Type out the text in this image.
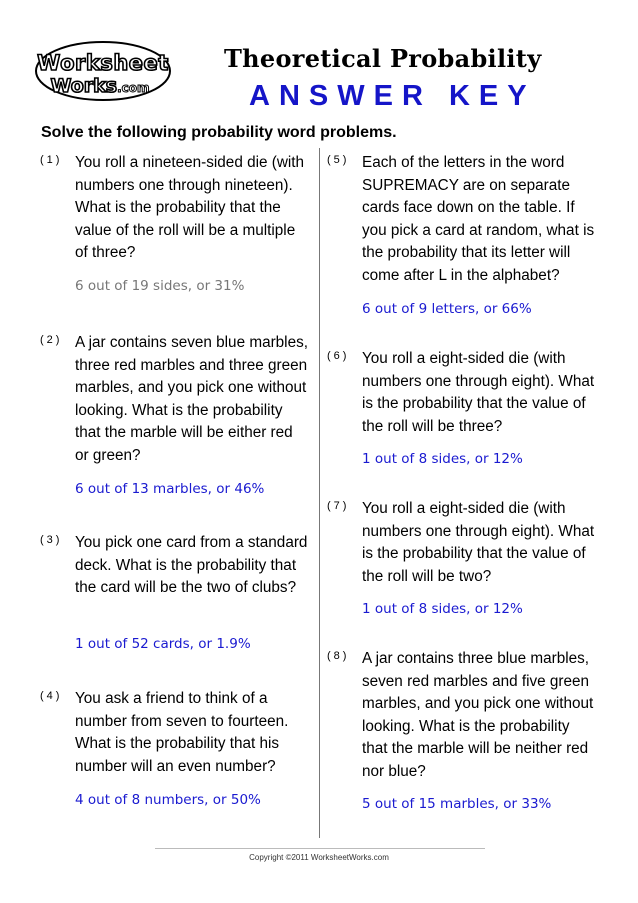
Worksheet
Works.com
Theoretical Probability
ANSWER KEY
Solve the following probability word problems.
(1) You roll a nineteen-sided die (with numbers one through nineteen). What is the probability that the value of the roll will be a multiple of three?
6 out of 19 sides, or 31%
(2) A jar contains seven blue marbles, three red marbles and three green marbles, and you pick one without looking. What is the probability that the marble will be either red or green?
6 out of 13 marbles, or 46%
(3) You pick one card from a standard deck. What is the probability that the card will be the two of clubs?
1 out of 52 cards, or 1.9%
(4) You ask a friend to think of a number from seven to fourteen. What is the probability that his number will an even number?
4 out of 8 numbers, or 50%
(5) Each of the letters in the word SUPREMACY are on separate cards face down on the table. If you pick a card at random, what is the probability that its letter will come after L in the alphabet?
6 out of 9 letters, or 66%
(6) You roll a eight-sided die (with numbers one through eight). What is the probability that the value of the roll will be three?
1 out of 8 sides, or 12%
(7) You roll a eight-sided die (with numbers one through eight). What is the probability that the value of the roll will be two?
1 out of 8 sides, or 12%
(8) A jar contains three blue marbles, seven red marbles and five green marbles, and you pick one without looking. What is the probability that the marble will be neither red nor blue?
5 out of 15 marbles, or 33%
Copyright ©2011 WorksheetWorks.com
